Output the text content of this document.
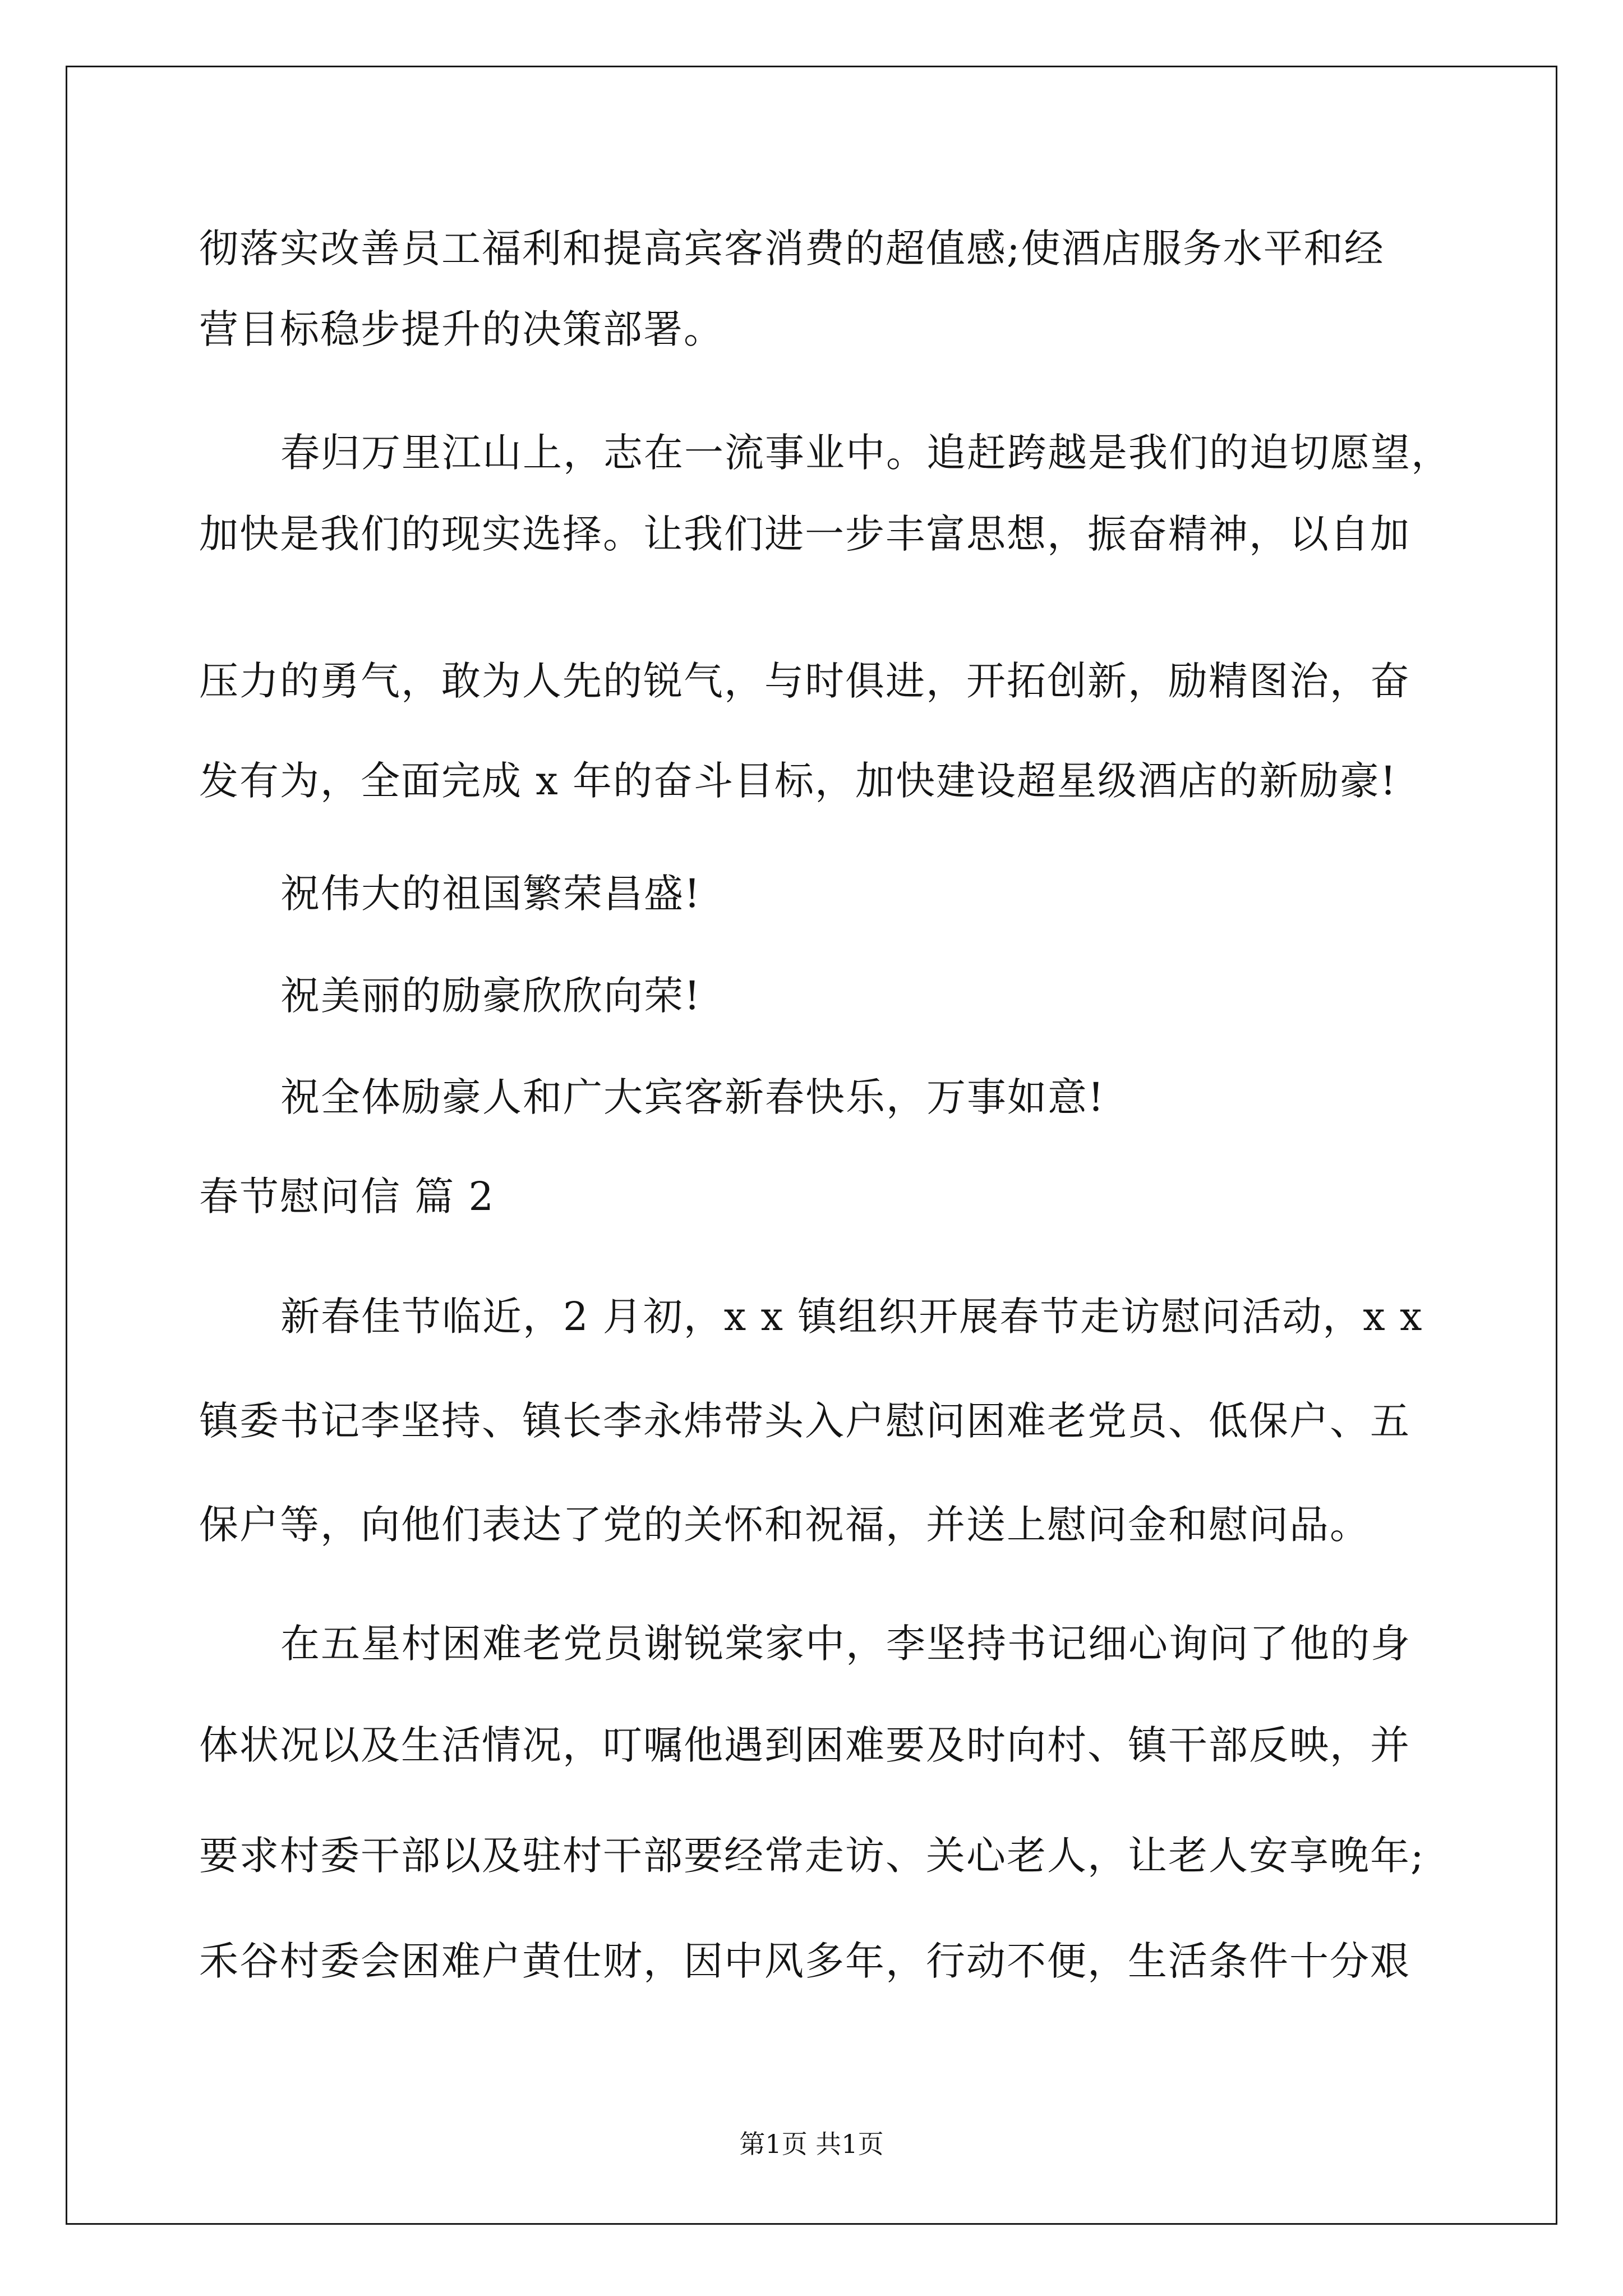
彻落实改善员工福利和提高宾客消费的超值感;使酒店服务水平和经

营目标稳步提升的决策部署。

春归万里江山上，志在一流事业中。追赶跨越是我们的迫切愿望，

加快是我们的现实选择。让我们进一步丰富思想，振奋精神，以自加

压力的勇气，敢为人先的锐气，与时俱进，开拓创新，励精图治，奋

发有为，全面完成 x 年的奋斗目标，加快建设超星级酒店的新励豪!

祝伟大的祖国繁荣昌盛!

祝美丽的励豪欣欣向荣!

祝全体励豪人和广大宾客新春快乐，万事如意!

春节慰问信 篇 2

新春佳节临近，2 月初，x x 镇组织开展春节走访慰问活动，x x

镇委书记李坚持、镇长李永炜带头入户慰问困难老党员、低保户、五

保户等，向他们表达了党的关怀和祝福，并送上慰问金和慰问品。

在五星村困难老党员谢锐棠家中，李坚持书记细心询问了他的身

体状况以及生活情况，叮嘱他遇到困难要及时向村、镇干部反映，并

要求村委干部以及驻村干部要经常走访、关心老人，让老人安享晚年;

禾谷村委会困难户黄仕财，因中风多年，行动不便，生活条件十分艰

第1页 共1页
